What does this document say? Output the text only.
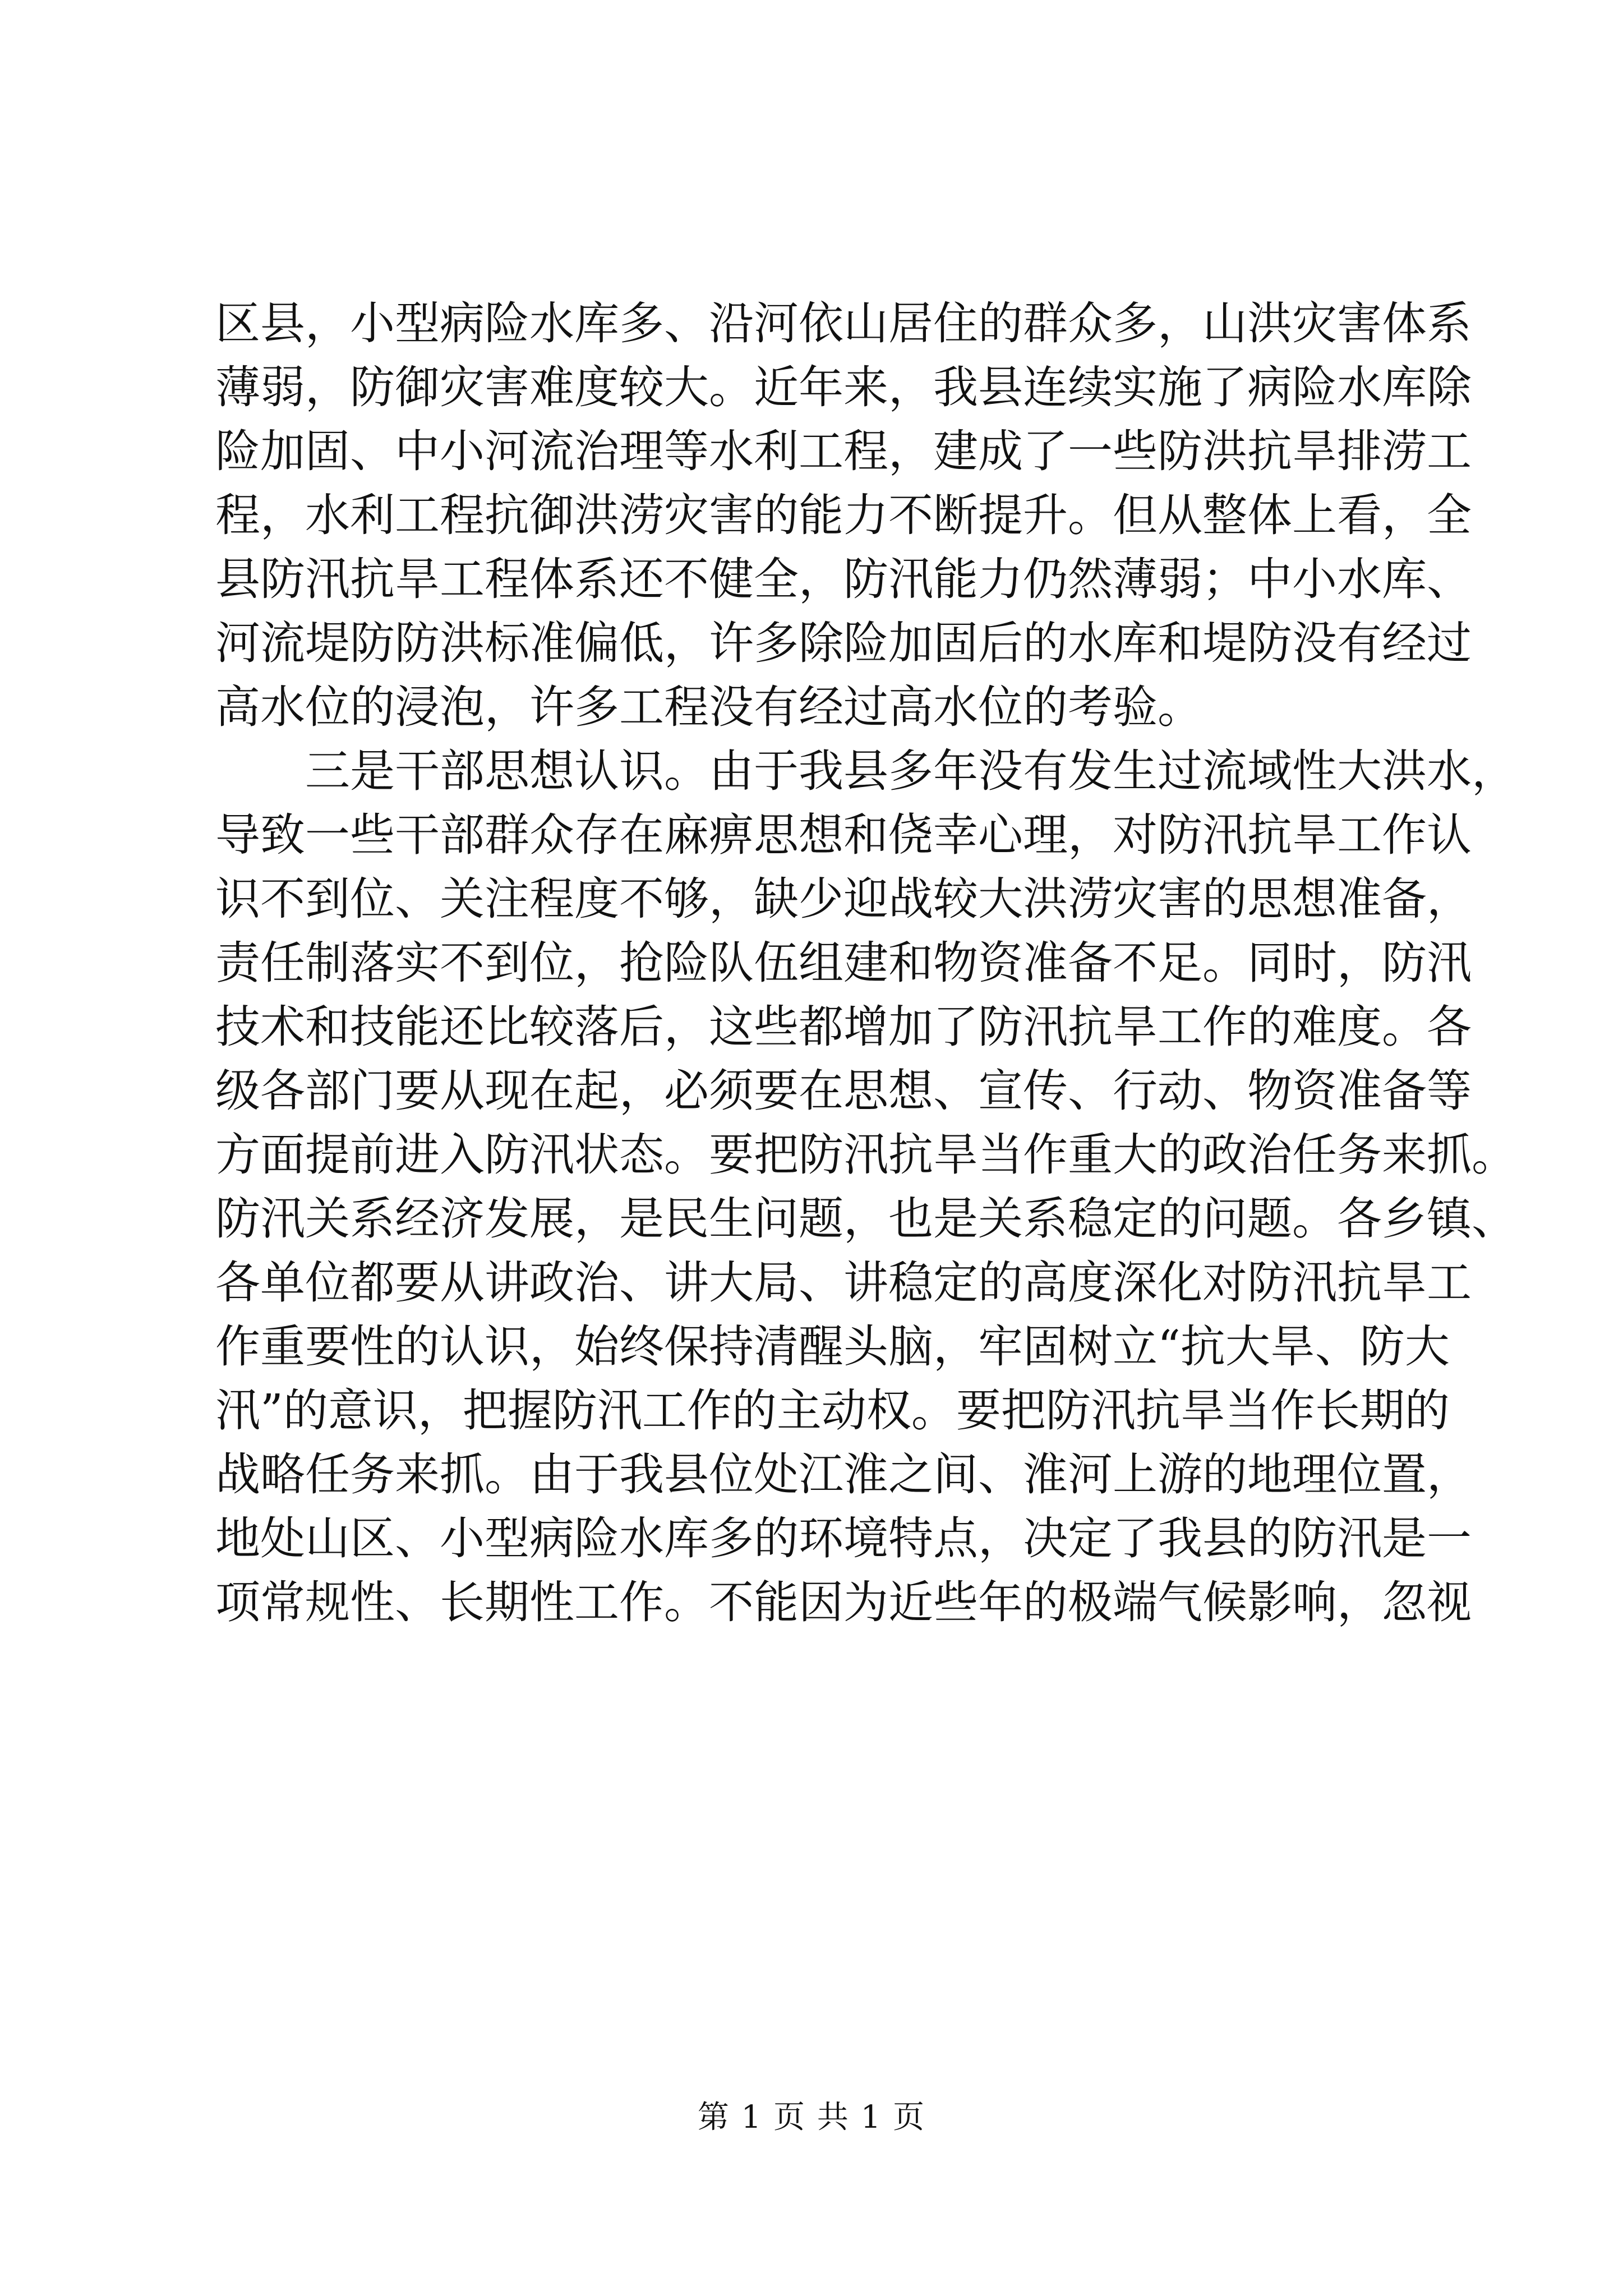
区县，小型病险水库多、沿河依山居住的群众多，山洪灾害体系
薄弱，防御灾害难度较大。近年来，我县连续实施了病险水库除
险加固、中小河流治理等水利工程，建成了一些防洪抗旱排涝工
程，水利工程抗御洪涝灾害的能力不断提升。但从整体上看，全
县防汛抗旱工程体系还不健全，防汛能力仍然薄弱；中小水库、
河流堤防防洪标准偏低，许多除险加固后的水库和堤防没有经过
高水位的浸泡，许多工程没有经过高水位的考验。
三是干部思想认识。由于我县多年没有发生过流域性大洪水，
导致一些干部群众存在麻痹思想和侥幸心理，对防汛抗旱工作认
识不到位、关注程度不够，缺少迎战较大洪涝灾害的思想准备，
责任制落实不到位，抢险队伍组建和物资准备不足。同时，防汛
技术和技能还比较落后，这些都增加了防汛抗旱工作的难度。各
级各部门要从现在起，必须要在思想、宣传、行动、物资准备等
方面提前进入防汛状态。要把防汛抗旱当作重大的政治任务来抓。
防汛关系经济发展，是民生问题，也是关系稳定的问题。各乡镇、
各单位都要从讲政治、讲大局、讲稳定的高度深化对防汛抗旱工
作重要性的认识，始终保持清醒头脑，牢固树立“抗大旱、防大
汛”的意识，把握防汛工作的主动权。要把防汛抗旱当作长期的
战略任务来抓。由于我县位处江淮之间、淮河上游的地理位置，
地处山区、小型病险水库多的环境特点，决定了我县的防汛是一
项常规性、长期性工作。不能因为近些年的极端气候影响，忽视
第 1 页 共 1 页
